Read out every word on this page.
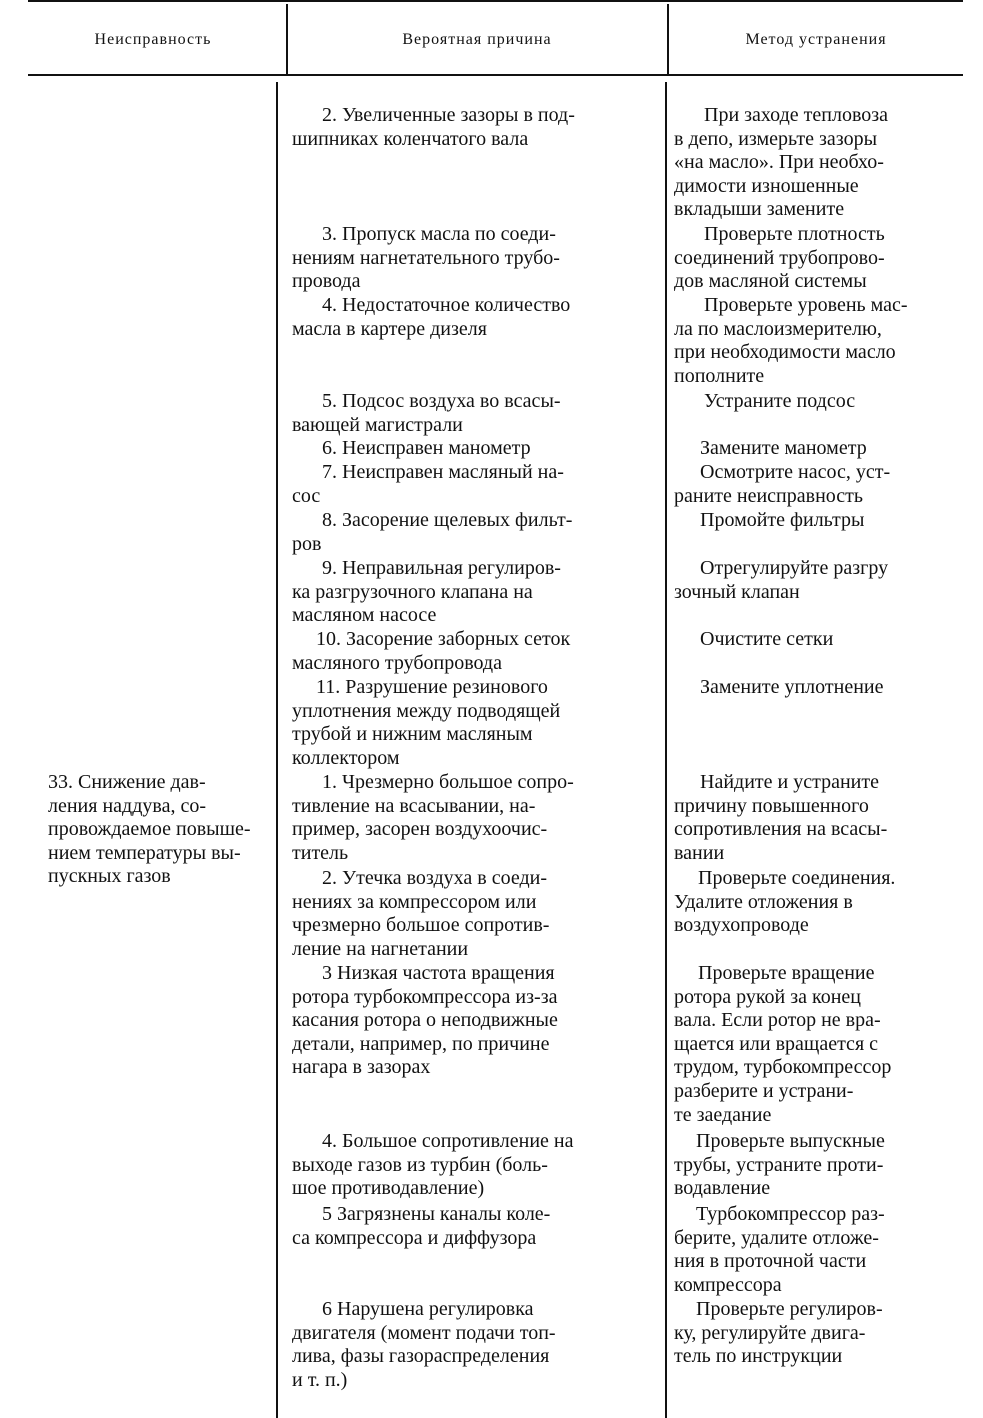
Неисправность	Вероятная причина	Метод устранения

33. Снижение дав-

ления наддува, со-

провождаемое повыше-

нием температуры вы-

пускных газов

2. Увеличенные зазоры в под-

шипниках коленчатого вала

3. Пропуск масла по соеди-

нениям нагнетательного трубо-

провода

4. Недостаточное количество

масла в картере дизеля

5. Подсос воздуха во всасы-

вающей магистрали

6. Неисправен манометр

7. Неисправен масляный на-

сос

8. Засорение щелевых фильт-

ров

9. Неправильная регулиров-

ка разгрузочного клапана на

масляном насосе

10. Засорение заборных сеток

масляного трубопровода

11. Разрушение резинового

уплотнения между подводящей

трубой и нижним масляным

коллектором

1. Чрезмерно большое сопро-

тивление на всасывании, на-

пример, засорен воздухоочис-

титель

2. Утечка воздуха в соеди-

нениях за компрессором или

чрезмерно большое сопротив-

ление на нагнетании

3 Низкая частота вращения

ротора турбокомпрессора из-за

касания ротора о неподвижные

детали, например, по причине

нагара в зазорах

4. Большое сопротивление на

выходе газов из турбин (боль-

шое противодавление)

5 Загрязнены каналы коле-

са компрессора и диффузора

6 Нарушена регулировка

двигателя (момент подачи топ-

лива, фазы газораспределения

и т. п.)

При заходе тепловоза

в депо, измерьте зазоры

«на масло». При необхо-

димости изношенные

вкладыши замените

Проверьте плотность

соединений трубопрово-

дов масляной системы

Проверьте уровень мас-

ла по маслоизмерителю,

при необходимости масло

пополните

Устраните подсос

Замените манометр

Осмотрите насос, уст-

раните неисправность

Промойте фильтры

Отрегулируйте разгру

зочный клапан

Очистите сетки

Замените уплотнение

Найдите и устраните

причину повышенного

сопротивления на всасы-

вании

Проверьте соединения.

Удалите отложения в

воздухопроводе

Проверьте вращение

ротора рукой за конец

вала. Если ротор не вра-

щается или вращается с

трудом, турбокомпрессор

разберите и устрани-

те заедание

Проверьте выпускные

трубы, устраните проти-

водавление

Турбокомпрессор раз-

берите, удалите отложе-

ния в проточной части

компрессора

Проверьте регулиров-

ку, регулируйте двига-

тель по инструкции
